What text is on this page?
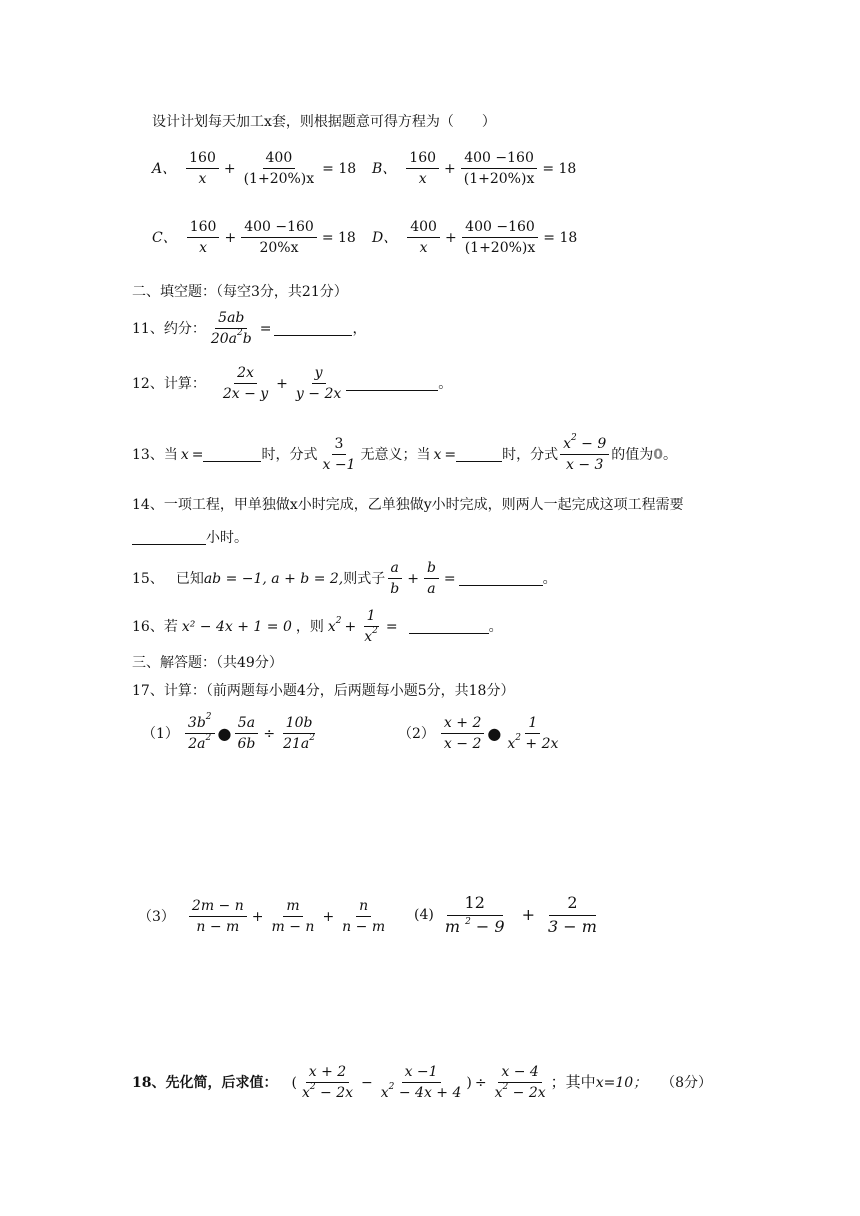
设计计划每天加工x套，则根据题意可得方程为（　　）
A、 $\frac{160}{x} + \frac{400}{(1+20\%)x} = 18$ B、 $\frac{160}{x} + \frac{400 -160}{(1+20\%)x} = 18$
C、 $\frac{160}{x} + \frac{400 -160}{20\%x} = 18$ D、 $\frac{400}{x} + \frac{400 -160}{(1+20\%)x} = 18$
二、填空题：（每空3分，共21分）
11、约分： $\frac{5ab}{20a^2b}$ =	，
12、计算： $\frac{2x}{2x - y} + \frac{y}{y - 2x}$	。
13、当 x =	时，分式 $\frac{3}{x -1}$ 无意义；当 x =	时，分式 $\frac{x^2 - 9}{x - 3}$ 的值为 0 。
14、一项工程，甲单独做x小时完成，乙单独做y小时完成，则两人一起完成这项工程需要
小时。
15、 已知 ab = −1, a + b = 2, 则式子 $\frac{a}{b} + \frac{b}{a}$ =	。
16、若 x² − 4x + 1 = 0 ，则 $x^2 + \frac{1}{x^2}$ =	。
三、解答题：（共49分）
17、计算：（前两题每小题4分，后两题每小题5分，共18分）
$(1) \frac{3b^2}{2a^2}$ ● $\frac{5a}{6b} \div \frac{10b}{21a^2}$	$(2) \frac{x + 2}{x - 2}$ ● $\frac{1}{x^2 + 2x}$
$(3) \frac{2m - n}{n - m} + \frac{m}{m - n} + \frac{n}{n - m} (4) \frac{12}{m ^2 - 9} + \frac{2}{3 - m}$
18、先化简，后求值： ( $\frac{x + 2}{x^2 - 2x} - \frac{x -1}{x^2 - 4x + 4}$ ) ÷ $\frac{x - 4}{x^2 - 2x}$ ；其中 x=10； （8分）
